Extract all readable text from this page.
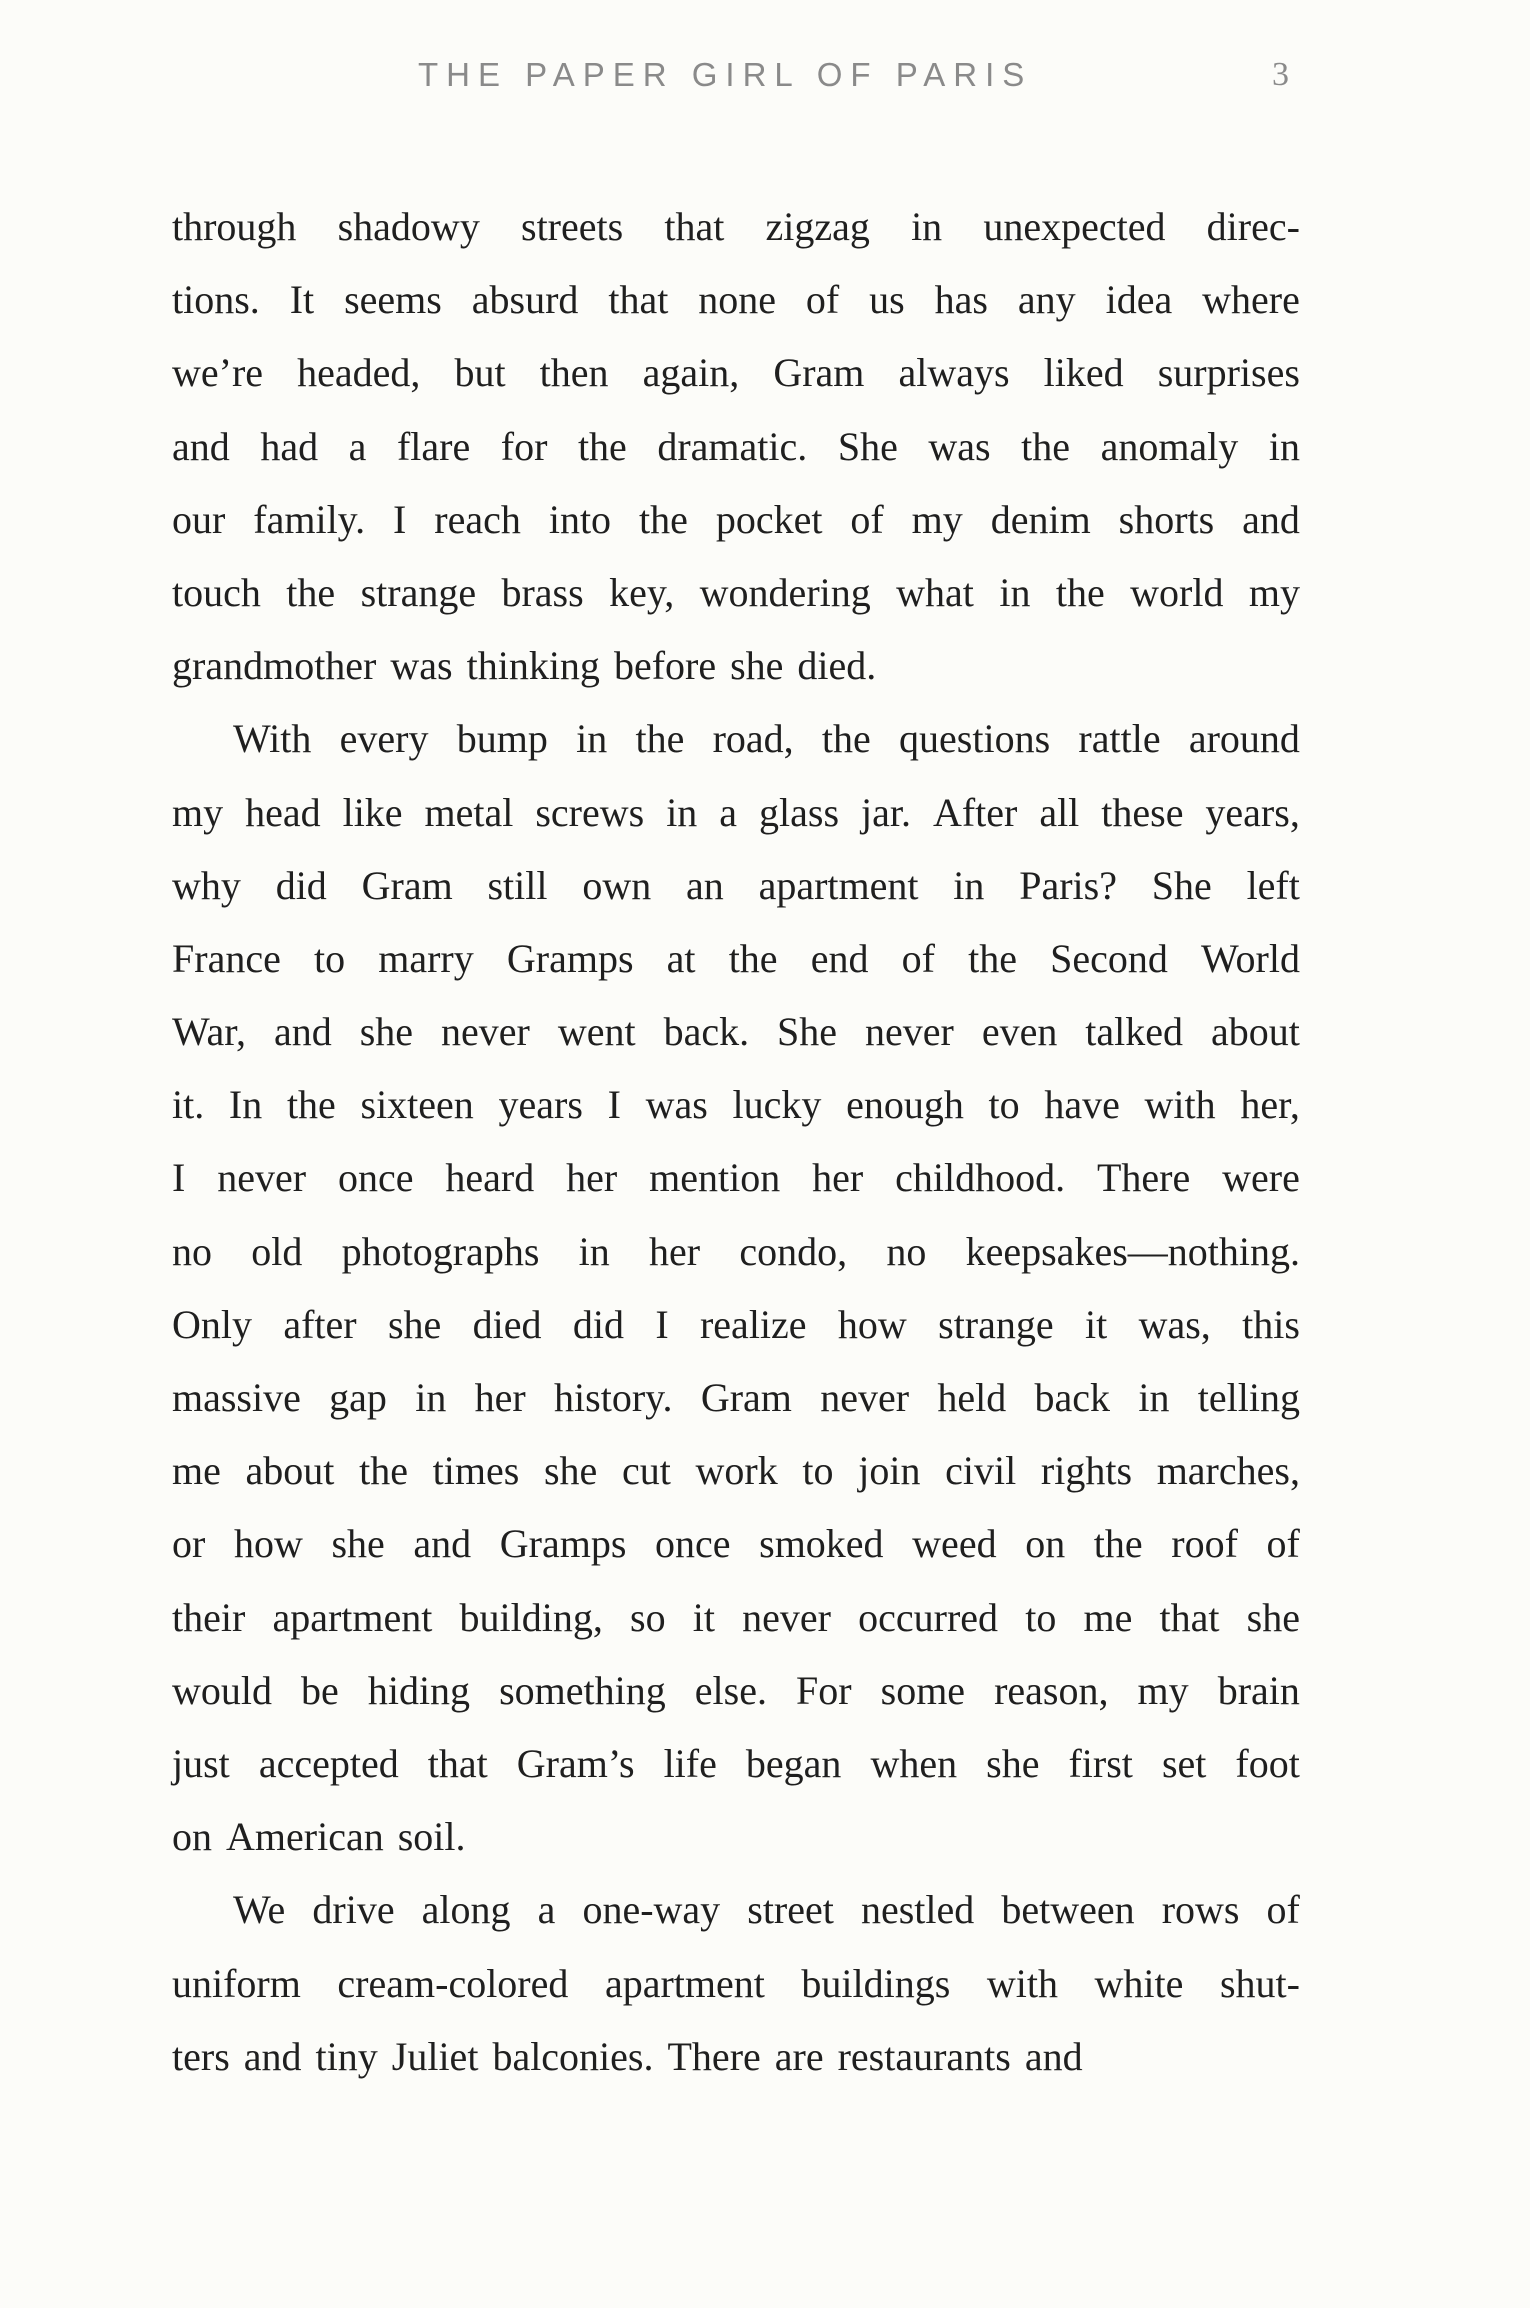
THE PAPER GIRL OF PARIS	3
through shadowy streets that zigzag in unexpected direc-
tions. It seems absurd that none of us has any idea where
we’re headed, but then again, Gram always liked surprises
and had a flare for the dramatic. She was the anomaly in
our family. I reach into the pocket of my denim shorts and
touch the strange brass key, wondering what in the world my
grandmother was thinking before she died.
With every bump in the road, the questions rattle around
my head like metal screws in a glass jar. After all these years,
why did Gram still own an apartment in Paris? She left
France to marry Gramps at the end of the Second World
War, and she never went back. She never even talked about
it. In the sixteen years I was lucky enough to have with her,
I never once heard her mention her childhood. There were
no old photographs in her condo, no keepsakes—nothing.
Only after she died did I realize how strange it was, this
massive gap in her history. Gram never held back in telling
me about the times she cut work to join civil rights marches,
or how she and Gramps once smoked weed on the roof of
their apartment building, so it never occurred to me that she
would be hiding something else. For some reason, my brain
just accepted that Gram’s life began when she first set foot
on American soil.
We drive along a one-way street nestled between rows of
uniform cream-colored apartment buildings with white shut-
ters and tiny Juliet balconies. There are restaurants and
